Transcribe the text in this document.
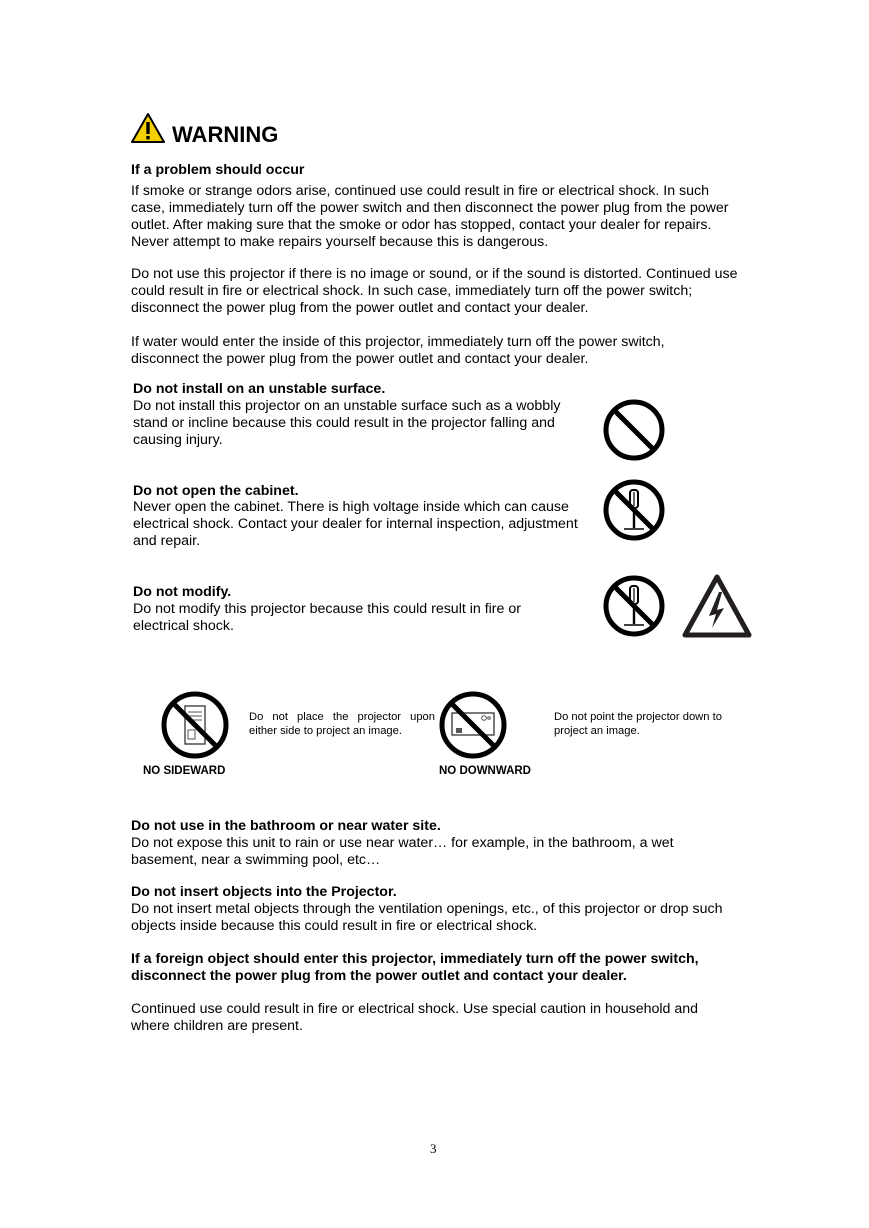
WARNING

If a problem should occur

If smoke or strange odors arise, continued use could result in fire or electrical shock. In such case, immediately turn off the power switch and then disconnect the power plug from the power outlet. After making sure that the smoke or odor has stopped, contact your dealer for repairs. Never attempt to make repairs yourself because this is dangerous.

Do not use this projector if there is no image or sound, or if the sound is distorted. Continued use could result in fire or electrical shock. In such case, immediately turn off the power switch; disconnect the power plug from the power outlet and contact your dealer.

If water would enter the inside of this projector, immediately turn off the power switch, disconnect the power plug from the power outlet and contact your dealer.

Do not install on an unstable surface.

Do not install this projector on an unstable surface such as a wobbly stand or incline because this could result in the projector falling and causing injury.

Do not open the cabinet.

Never open the cabinet. There is high voltage inside which can cause electrical shock. Contact your dealer for internal inspection, adjustment and repair.

Do not modify.

Do not modify this projector because this could result in fire or electrical shock.

Do not place the projector upon either side to project an image.

NO SIDEWARD

Do not point the projector down to project an image.

NO DOWNWARD

Do not use in the bathroom or near water site.

Do not expose this unit to rain or use near water… for example, in the bathroom, a wet basement, near a swimming pool, etc…

Do not insert objects into the Projector.

Do not insert metal objects through the ventilation openings, etc., of this projector or drop such objects inside because this could result in fire or electrical shock.

If a foreign object should enter this projector, immediately turn off the power switch, disconnect the power plug from the power outlet and contact your dealer.

Continued use could result in fire or electrical shock. Use special caution in household and where children are present.

3
